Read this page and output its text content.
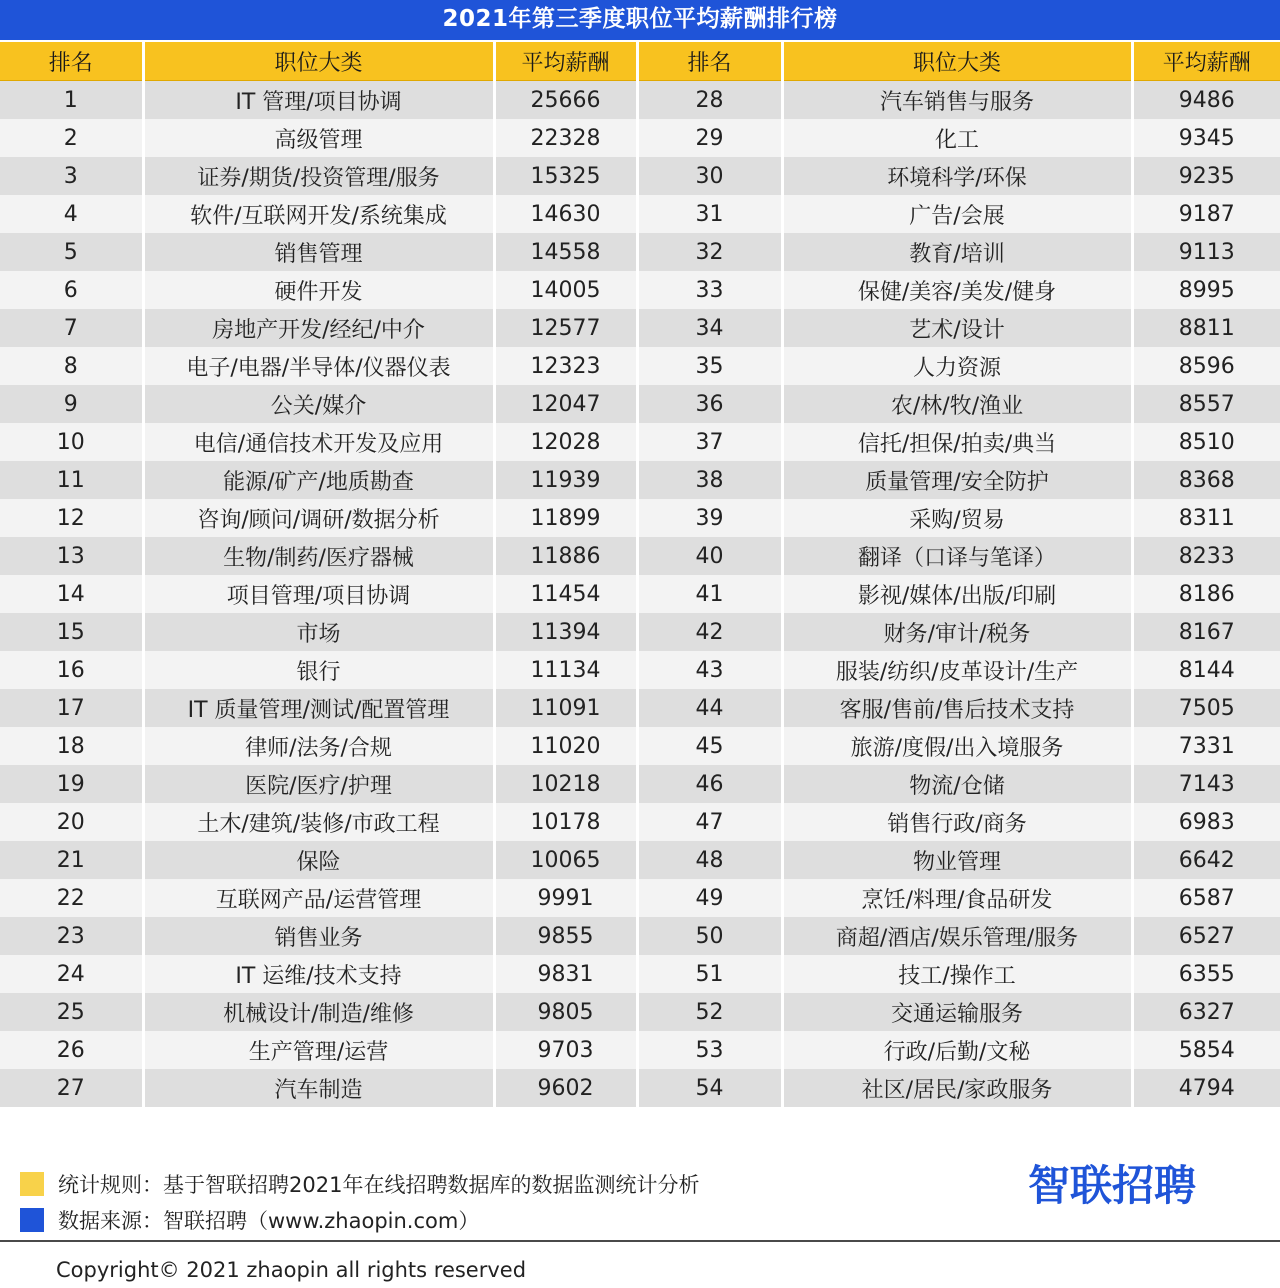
2021年第三季度职位平均薪酬排行榜
排名	职位大类	平均薪酬	排名	职位大类	平均薪酬
1	IT 管理/项目协调	25666	28	汽车销售与服务	9486
2	高级管理	22328	29	化工	9345
3	证券/期货/投资管理/服务	15325	30	环境科学/环保	9235
4	软件/互联网开发/系统集成	14630	31	广告/会展	9187
5	销售管理	14558	32	教育/培训	9113
6	硬件开发	14005	33	保健/美容/美发/健身	8995
7	房地产开发/经纪/中介	12577	34	艺术/设计	8811
8	电子/电器/半导体/仪器仪表	12323	35	人力资源	8596
9	公关/媒介	12047	36	农/林/牧/渔业	8557
10	电信/通信技术开发及应用	12028	37	信托/担保/拍卖/典当	8510
11	能源/矿产/地质勘查	11939	38	质量管理/安全防护	8368
12	咨询/顾问/调研/数据分析	11899	39	采购/贸易	8311
13	生物/制药/医疗器械	11886	40	翻译（口译与笔译）	8233
14	项目管理/项目协调	11454	41	影视/媒体/出版/印刷	8186
15	市场	11394	42	财务/审计/税务	8167
16	银行	11134	43	服装/纺织/皮革设计/生产	8144
17	IT 质量管理/测试/配置管理	11091	44	客服/售前/售后技术支持	7505
18	律师/法务/合规	11020	45	旅游/度假/出入境服务	7331
19	医院/医疗/护理	10218	46	物流/仓储	7143
20	土木/建筑/装修/市政工程	10178	47	销售行政/商务	6983
21	保险	10065	48	物业管理	6642
22	互联网产品/运营管理	9991	49	烹饪/料理/食品研发	6587
23	销售业务	9855	50	商超/酒店/娱乐管理/服务	6527
24	IT 运维/技术支持	9831	51	技工/操作工	6355
25	机械设计/制造/维修	9805	52	交通运输服务	6327
26	生产管理/运营	9703	53	行政/后勤/文秘	5854
27	汽车制造	9602	54	社区/居民/家政服务	4794
统计规则：基于智联招聘2021年在线招聘数据库的数据监测统计分析
数据来源：智联招聘（www.zhaopin.com）
智联招聘
Copyright© 2021 zhaopin all rights reserved
